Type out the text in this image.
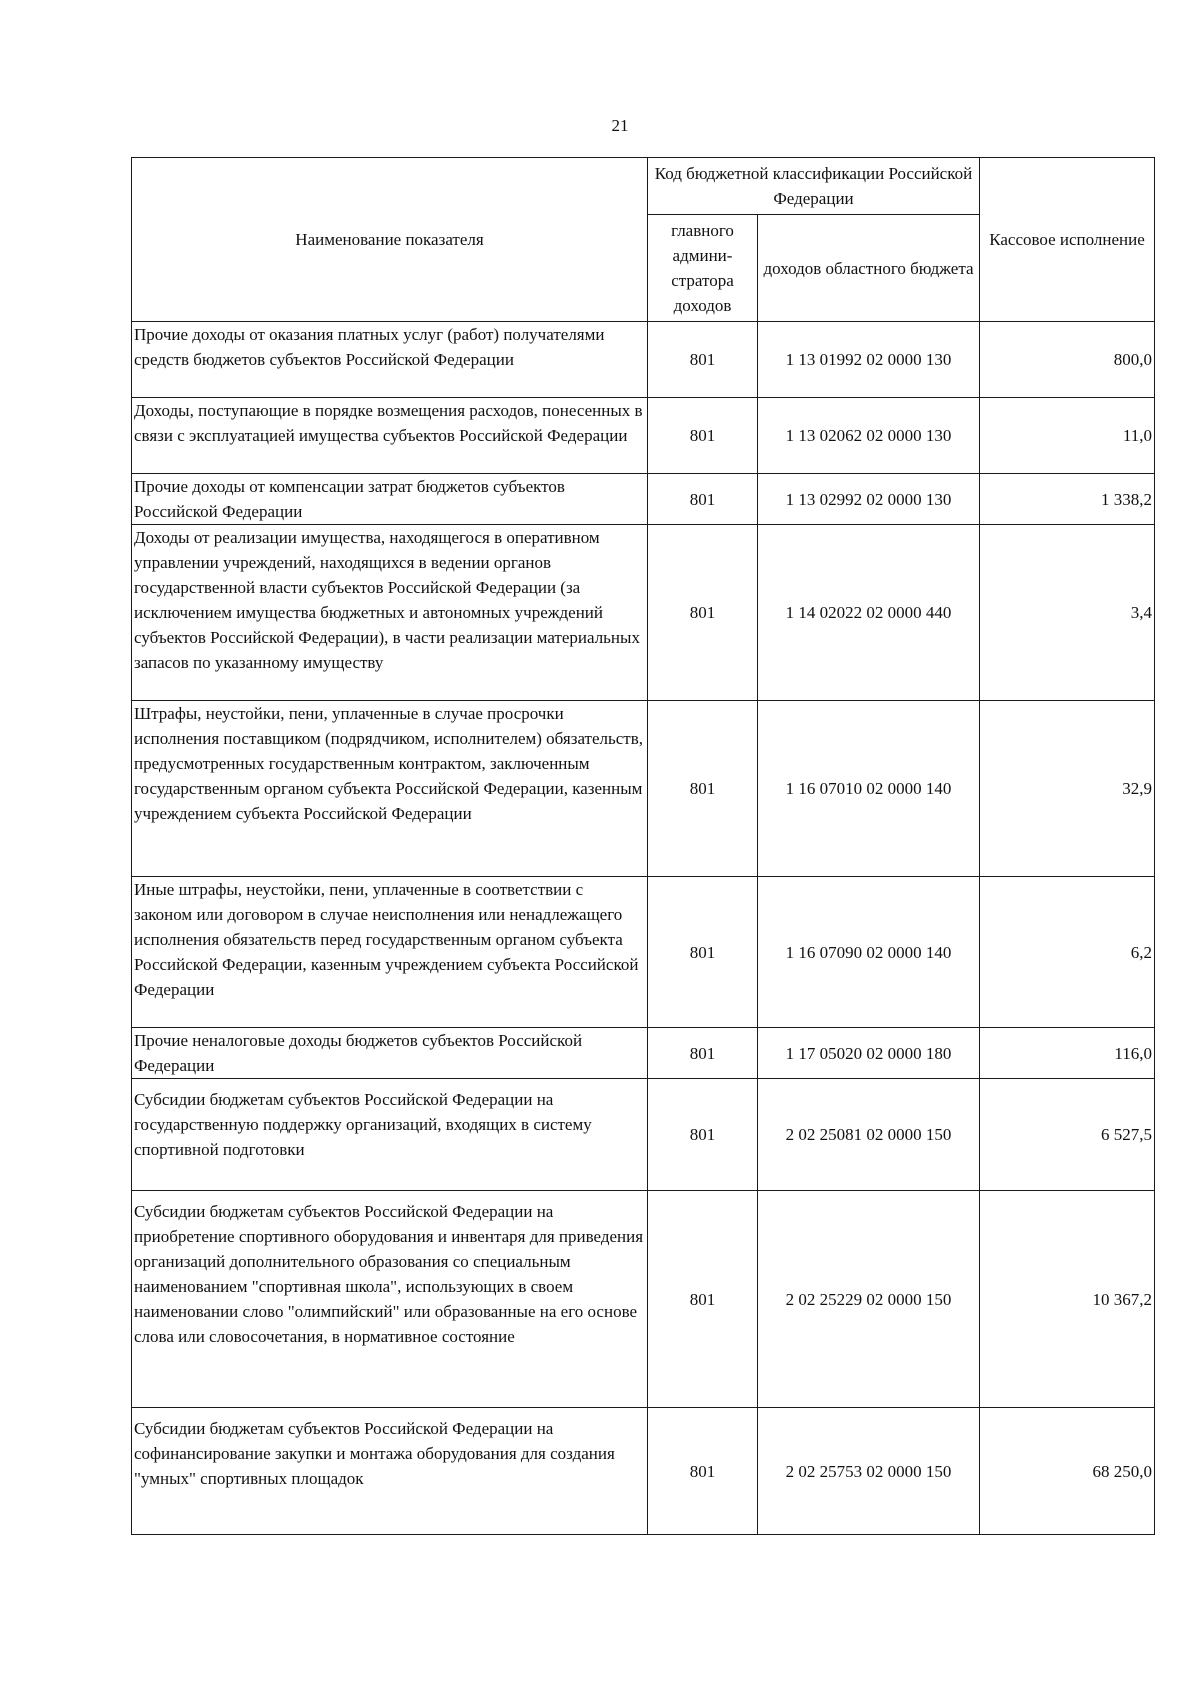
21
Наименование показателя	Код бюджетной классификации Российской Федерации		Кассовое исполнение
	главного админи-стратора доходов	доходов областного бюджета	
Прочие доходы от оказания платных услуг (работ) получателями средств бюджетов субъектов Российской Федерации	801	1 13 01992 02 0000 130	800,0
Доходы, поступающие в порядке возмещения расходов, понесенных в связи с эксплуатацией имущества субъектов Российской Федерации	801	1 13 02062 02 0000 130	11,0
Прочие доходы от компенсации затрат бюджетов субъектов Российской Федерации	801	1 13 02992 02 0000 130	1 338,2
Доходы от реализации имущества, находящегося в оперативном управлении учреждений, находящихся в ведении органов государственной власти субъектов Российской Федерации (за исключением имущества бюджетных и автономных учреждений субъектов Российской Федерации), в части реализации материальных запасов по указанному имуществу	801	1 14 02022 02 0000 440	3,4
Штрафы, неустойки, пени, уплаченные в случае просрочки исполнения поставщиком (подрядчиком, исполнителем) обязательств, предусмотренных государственным контрактом, заключенным государственным органом субъекта Российской Федерации, казенным учреждением субъекта Российской Федерации	801	1 16 07010 02 0000 140	32,9
Иные штрафы, неустойки, пени, уплаченные в соответствии с законом или договором в случае неисполнения или ненадлежащего исполнения обязательств перед государственным органом субъекта Российской Федерации, казенным учреждением субъекта Российской Федерации	801	1 16 07090 02 0000 140	6,2
Прочие неналоговые доходы бюджетов субъектов Российской Федерации	801	1 17 05020 02 0000 180	116,0
Субсидии бюджетам субъектов Российской Федерации на государственную поддержку организаций, входящих в систему спортивной подготовки	801	2 02 25081 02 0000 150	6 527,5
Субсидии бюджетам субъектов Российской Федерации на приобретение спортивного оборудования и инвентаря для приведения организаций дополнительного образования со специальным наименованием "спортивная школа", использующих в своем наименовании слово "олимпийский" или образованные на его основе слова или словосочетания, в нормативное состояние	801	2 02 25229 02 0000 150	10 367,2
Субсидии бюджетам субъектов Российской Федерации на софинансирование закупки и монтажа оборудования для создания "умных" спортивных площадок	801	2 02 25753 02 0000 150	68 250,0
